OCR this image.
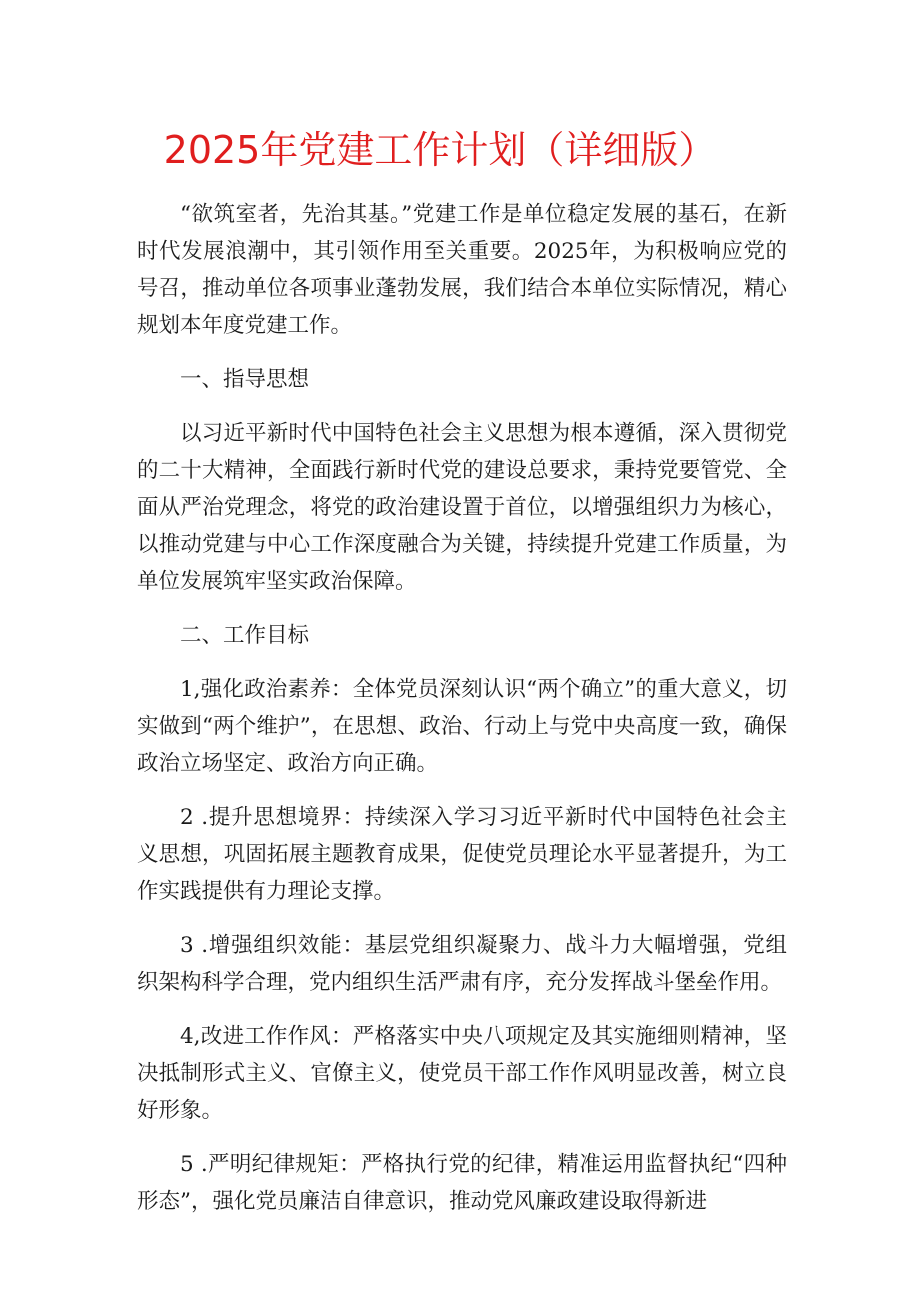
2025年党建工作计划（详细版）

“欲筑室者，先治其基。”党建工作是单位稳定发展的基石，在新时代发展浪潮中，其引领作用至关重要。2025年，为积极响应党的号召，推动单位各项事业蓬勃发展，我们结合本单位实际情况，精心规划本年度党建工作。

一、指导思想

以习近平新时代中国特色社会主义思想为根本遵循，深入贯彻党的二十大精神，全面践行新时代党的建设总要求，秉持党要管党、全面从严治党理念，将党的政治建设置于首位，以增强组织力为核心，以推动党建与中心工作深度融合为关键，持续提升党建工作质量，为单位发展筑牢坚实政治保障。

二、工作目标

1,强化政治素养：全体党员深刻认识“两个确立”的重大意义，切实做到“两个维护”，在思想、政治、行动上与党中央高度一致，确保政治立场坚定、政治方向正确。

2 .提升思想境界：持续深入学习习近平新时代中国特色社会主义思想，巩固拓展主题教育成果，促使党员理论水平显著提升，为工作实践提供有力理论支撑。

3 .增强组织效能：基层党组织凝聚力、战斗力大幅增强，党组织架构科学合理，党内组织生活严肃有序，充分发挥战斗堡垒作用。

4,改进工作作风：严格落实中央八项规定及其实施细则精神，坚决抵制形式主义、官僚主义，使党员干部工作作风明显改善，树立良好形象。

5 .严明纪律规矩：严格执行党的纪律，精准运用监督执纪“四种形态”，强化党员廉洁自律意识，推动党风廉政建设取得新进
